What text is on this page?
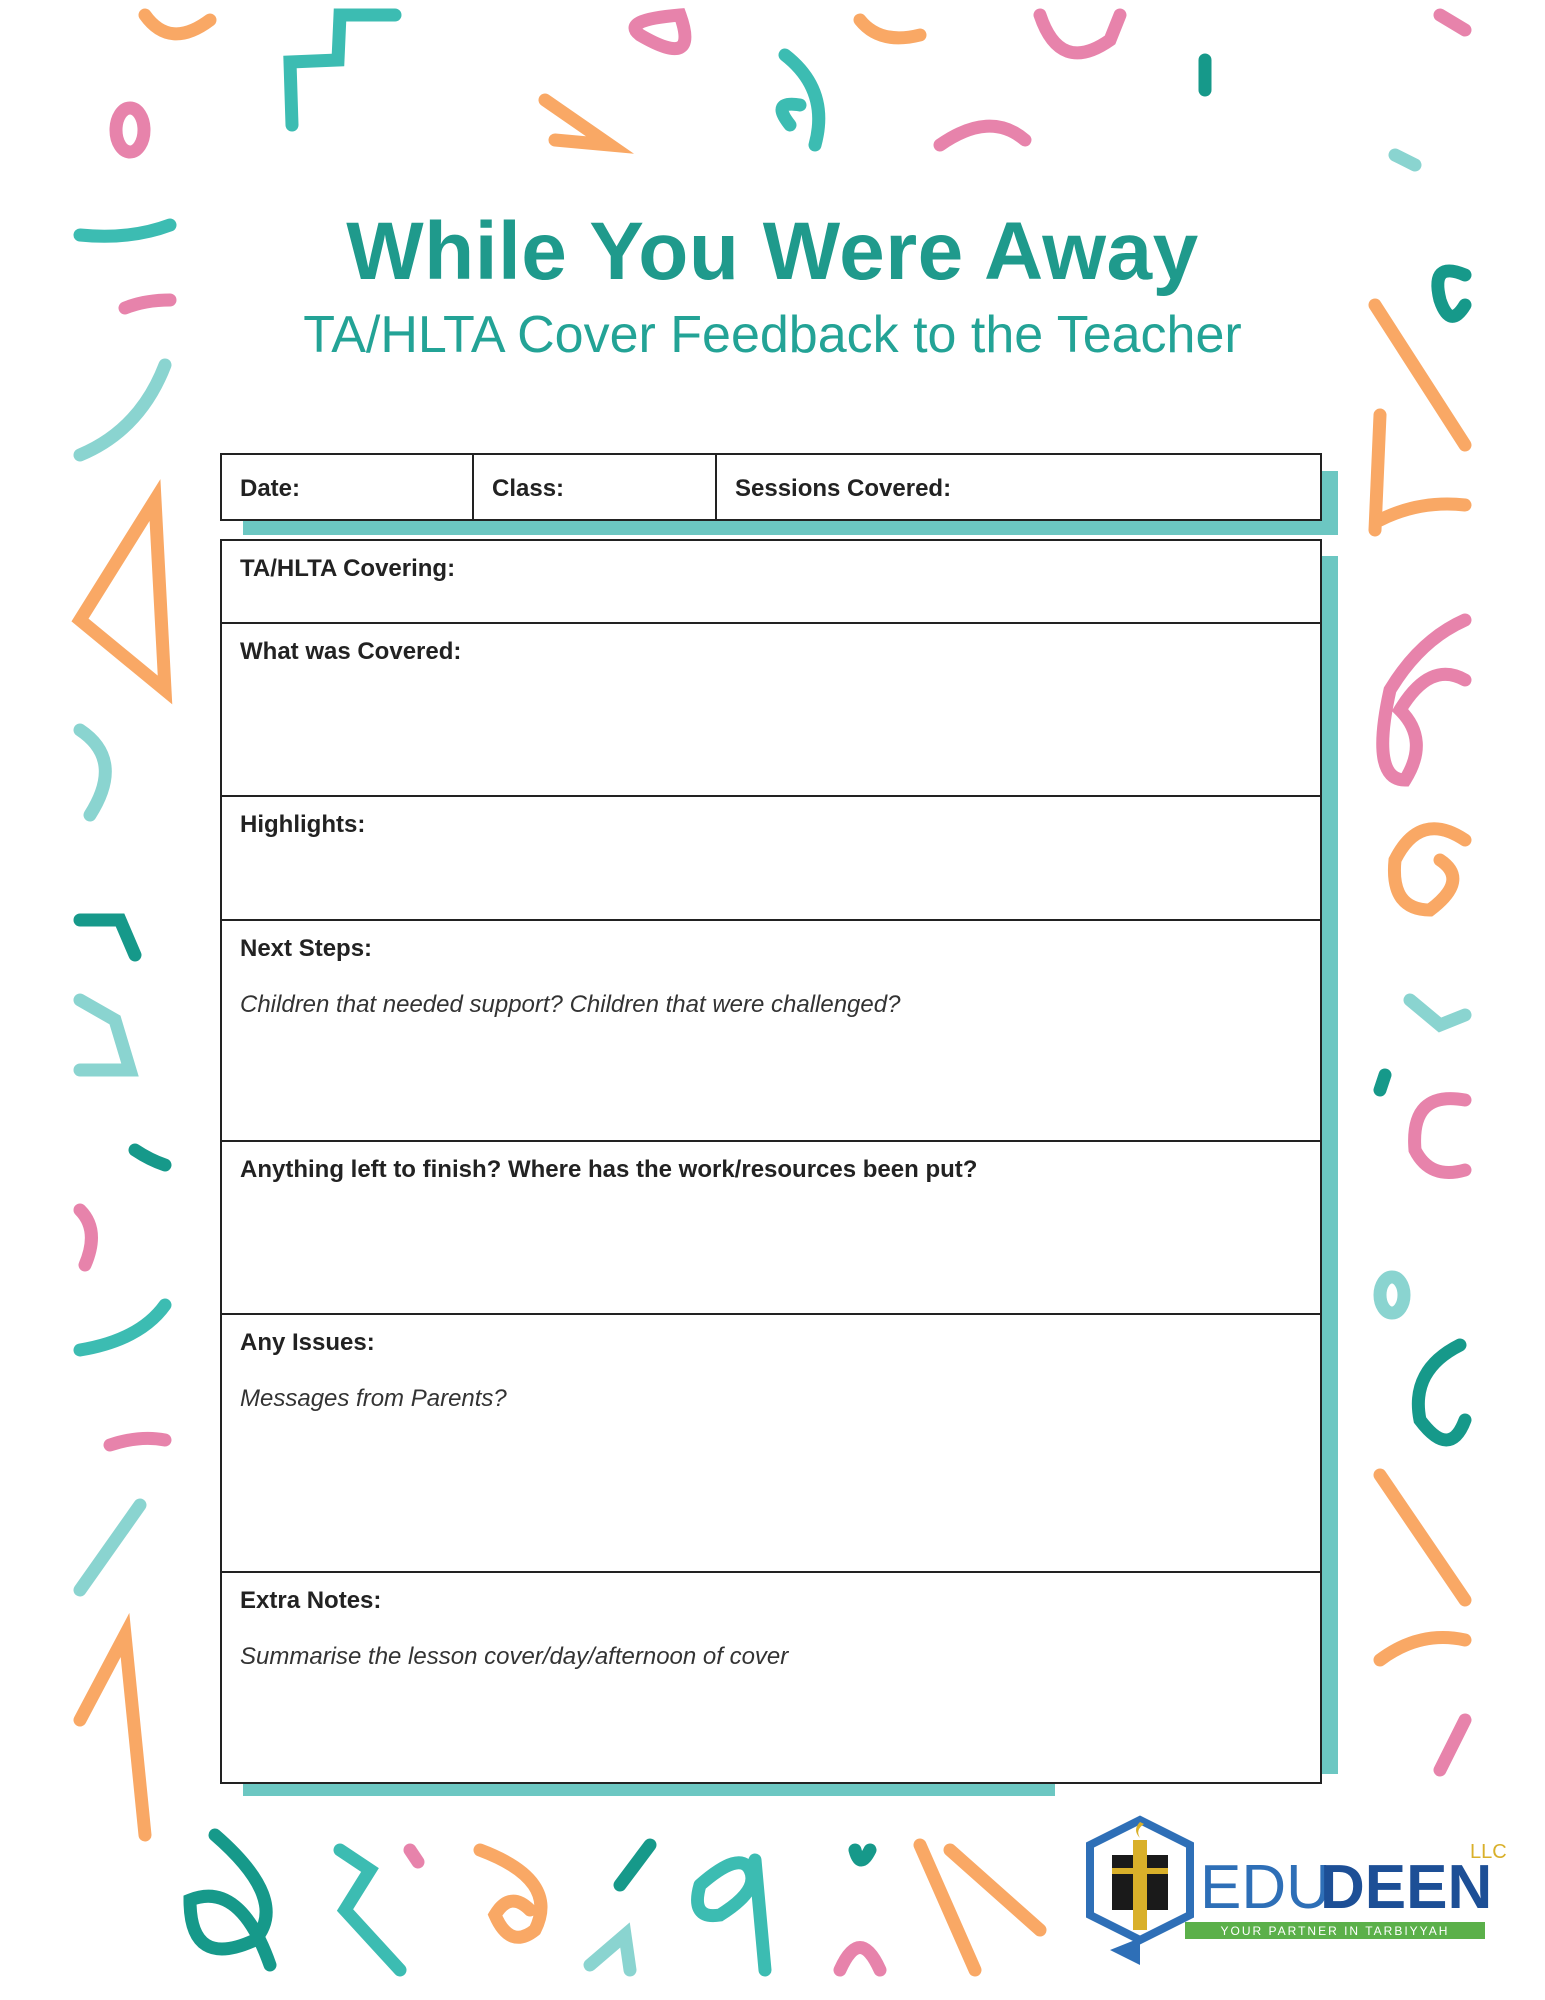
While You Were Away
TA/HLTA Cover Feedback to the Teacher
Date:	Class:	Sessions Covered:
TA/HLTA Covering:
What was Covered:
Highlights:
Next Steps:
Children that needed support? Children that were challenged?
Anything left to finish? Where has the work/resources been put?
Any Issues:
Messages from Parents?
Extra Notes:
Summarise the lesson cover/day/afternoon of cover
EDU
DEEN
LLC
YOUR PARTNER IN TARBIYYAH
